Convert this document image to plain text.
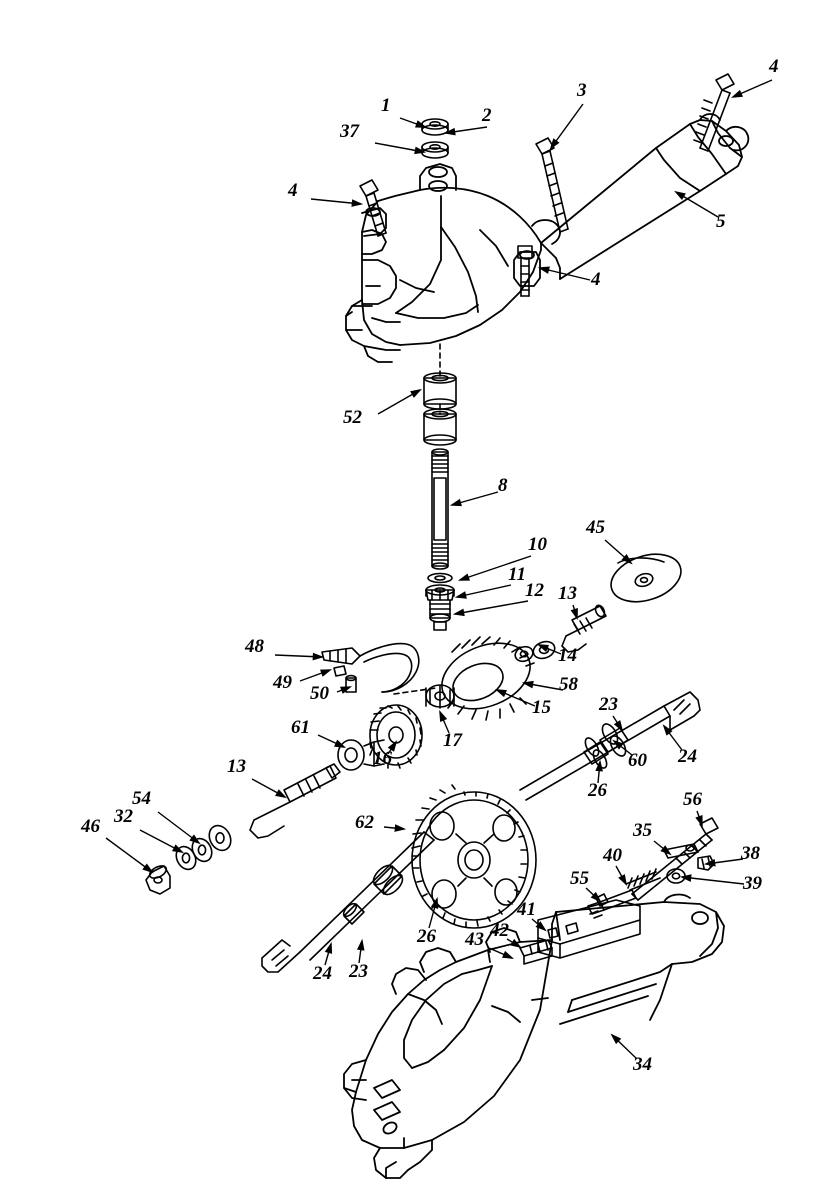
1	2
37
3
4
4
4
5
52
8
10
11
12
45
13
14
48
49
50	58
15
17
16
61
13
54
32
46
23
24
60
26
62
26
24 23
56
35
38
39
40
55
41
42
43
34
